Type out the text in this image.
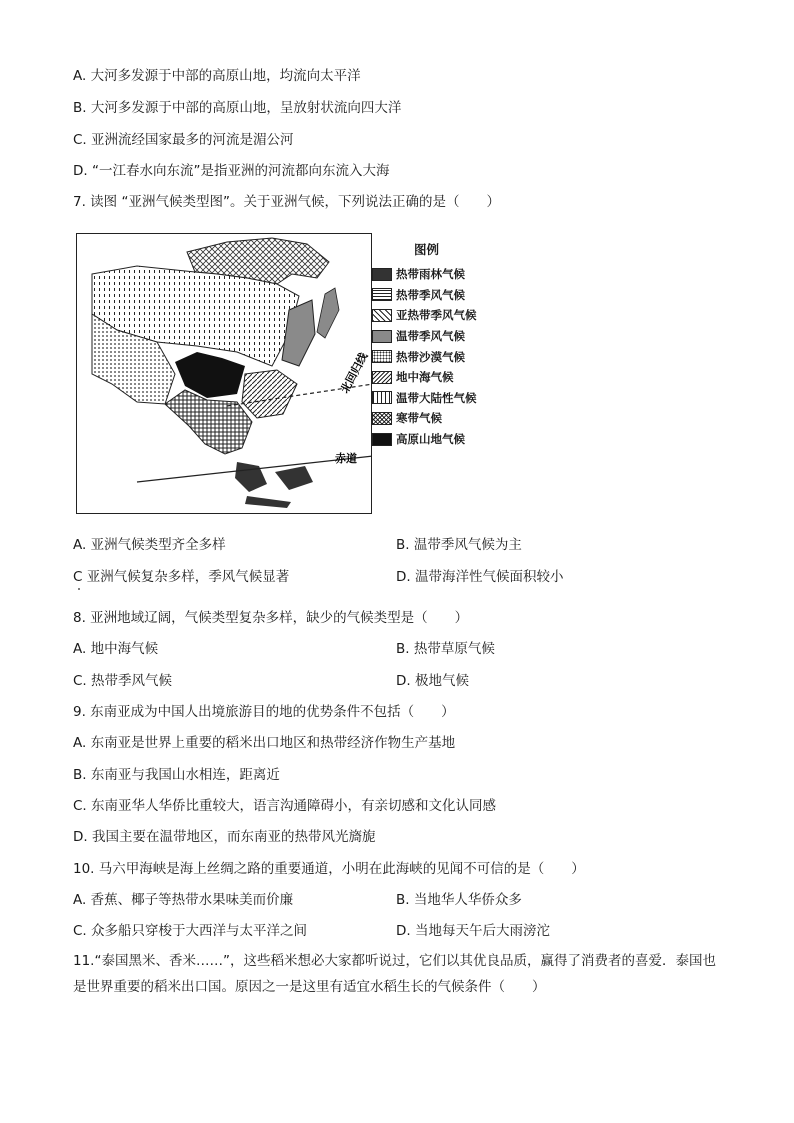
A. 大河多发源于中部的高原山地，均流向太平洋
B. 大河多发源于中部的高原山地，呈放射状流向四大洋
C. 亚洲流经国家最多的河流是湄公河
D. “一江春水向东流”是指亚洲的河流都向东流入大海
7. 读图 “亚洲气候类型图”。关于亚洲气候，下列说法正确的是（　　）
北回归线
赤道
图例
热带雨林气候
热带季风气候
亚热带季风气候
温带季风气候
热带沙漠气候
地中海气候
温带大陆性气候
寒带气候
高原山地气候
A. 亚洲气候类型齐全多样	B. 温带季风气候为主
C 亚洲气候复杂多样，季风气候显著	D. 温带海洋性气候面积较小
8. 亚洲地域辽阔，气候类型复杂多样，缺少的气候类型是（　　）
A. 地中海气候	B. 热带草原气候
C. 热带季风气候	D. 极地气候
9. 东南亚成为中国人出境旅游目的地的优势条件不包括（　　）
A. 东南亚是世界上重要的稻米出口地区和热带经济作物生产基地
B. 东南亚与我国山水相连，距离近
C. 东南亚华人华侨比重较大，语言沟通障碍小，有亲切感和文化认同感
D. 我国主要在温带地区，而东南亚的热带风光旖旎
10. 马六甲海峡是海上丝绸之路的重要通道，小明在此海峡的见闻不可信的是（　　）
A. 香蕉、椰子等热带水果味美而价廉	B. 当地华人华侨众多
C. 众多船只穿梭于大西洋与太平洋之间	D. 当地每天午后大雨滂沱
11.“泰国黑米、香米……”，这些稻米想必大家都听说过，它们以其优良品质，赢得了消费者的喜爱．泰国也是世界重要的稻米出口国。原因之一是这里有适宜水稻生长的气候条件（　　）
